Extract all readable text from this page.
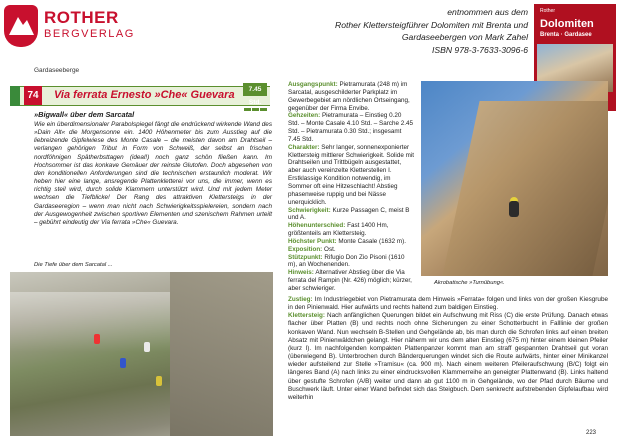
ROTHER
BERGVERLAG
entnommen aus dem
Rother Klettersteigführer Dolomiten mit Brenta und
Gardaseebergen von Mark Zahel
ISBN 978-3-7633-3096-6
Rother
Dolomiten
Brenta · Gardasee
Gardaseeberge
74	Via ferrata Ernesto »Che« Guevara	7.45 Std.
»Bigwall« über dem Sarcatal
Wie ein überdimensionaler Parabolspiegel fängt die endrückend wirkende Wand des »Dain Alt« die Morgensonne ein. 1400 Höhenmeter bis zum Ausstieg auf die liebreizende Gipfelwiese des Monte Casale – die meisten davon am Drahtseil – verlangen gehörigen Tribut in Form von Schweiß, der selbst an frischen nordföhnigen Spätherbsttagen (ideal!) noch ganz schön fließen kann. Im Hochsommer ist das konkave Gemäuer der reinste Glutofen. Doch abgesehen von den konditionellen Anforderungen sind die technischen erstaunlich moderat. Wir heben hier eine lange, ansregende Plattenkletterei vor uns, die immer, wenn es richtig steil wird, durch solide Klammern unterstützt wird. Und mit jedem Meter wechsen die Tiefblicke! Der Rang des attraktiven Klettersteigs in der Gardaseeregion – wenn man nicht nach Schwierigkeitsspielereien, sondern nach der Ausgewogenheit zwischen sportiven Elementen und szenischem Rahmen urteilt – gebührt eindeutig der Via ferrata »Che« Guevara.
Die Tiefe über dem Sarcatal ...

Ausgangspunkt: Pietramurata (248 m) im Sarcatal, ausgeschilderter Parkplatz im Gewerbegebiet am nördlichen Ortseingang, gegenüber der Firma Envibe.

Gehzeiten: Pietramurata – Einstieg 0.20 Std. – Monte Casale 4.10 Std. – Sarche 2.45 Std. – Pietramurata 0.30 Std.; insgesamt 7.45 Std.

Charakter: Sehr langer, sonnenexponierter Klettersteig mittlerer Schwierigkeit. Solide mit Drahtseilen und Trittbügeln ausgestattet, aber auch vereinzelte Kletterstellen I. Erstklassige Kondition notwendig, im Sommer oft eine Hitzeschlacht! Abstieg phasenweise ruppig und bei Nässe unerquicklich.

Schwierigkeit: Kurze Passagen C, meist B und A.

Höhenunterschied: Fast 1400 Hm, größtenteils am Klettersteig.

Höchster Punkt: Monte Casale (1632 m).

Exposition: Ost.

Stützpunkt: Rifugio Don Zio Pisoni (1610 m), an Wochenenden.

Hinweis: Alternativer Abstieg über die Via ferrata del Rampin (Nr. 426) möglich; kürzer, aber schwieriger.

Akrobatische »Turnübung«.

Zustieg: Im Industriegebiet von Pietramurata dem Hinweis »Ferrata« folgen und links von der großen Kiesgrube in den Pinienwald. Hier aufwärts und rechts haltend zum baldigen Einstieg.

Klettersteig: Nach anfänglichen Querungen bildet ein Aufschwung mit Riss (C) die erste Prüfung. Danach etwas flacher über Platten (B) und rechts noch ohne Sicherungen zu einer Schotterbucht in Falllinie der großen konkaven Wand. Nun wechseln B-Stellen und Gehgelände ab, bis man durch die Schrofen links auf einen breiten Absatz mit Pinienwäldchen gelangt. Hier näherm wir uns dem alten Einstieg (675 m) hinter einem kleinen Pfeiler (kurz I). Im nachfolgenden kompakten Plattenpanzer kommt man am straff gespannten Drahtseil gut voran (überwiegend B). Unterbrochen durch Bänderquerungen windet sich die Route aufwärts, hinter einer Minikanzel wieder aufsteilend zur Stelle »Tramisu« (ca. 900 m). Nach einem weiteren Pfeileraufschwung (B/C) folgt ein längeres Band (A) nach links zu einer eindrucksvollen Klammerreihe an geneigter Plattenwand (B). Links haltend über gestufte Schrofen (A/B) weiter und dann ab gut 1100 m in Gehgelände, wo der Pfad durch Bäume und Buschwerk läuft. Unter einer Wand befindet sich das Steigbuch. Dem senkrecht aufstrebenden Gipfelaufbau wird weiterhin

223
